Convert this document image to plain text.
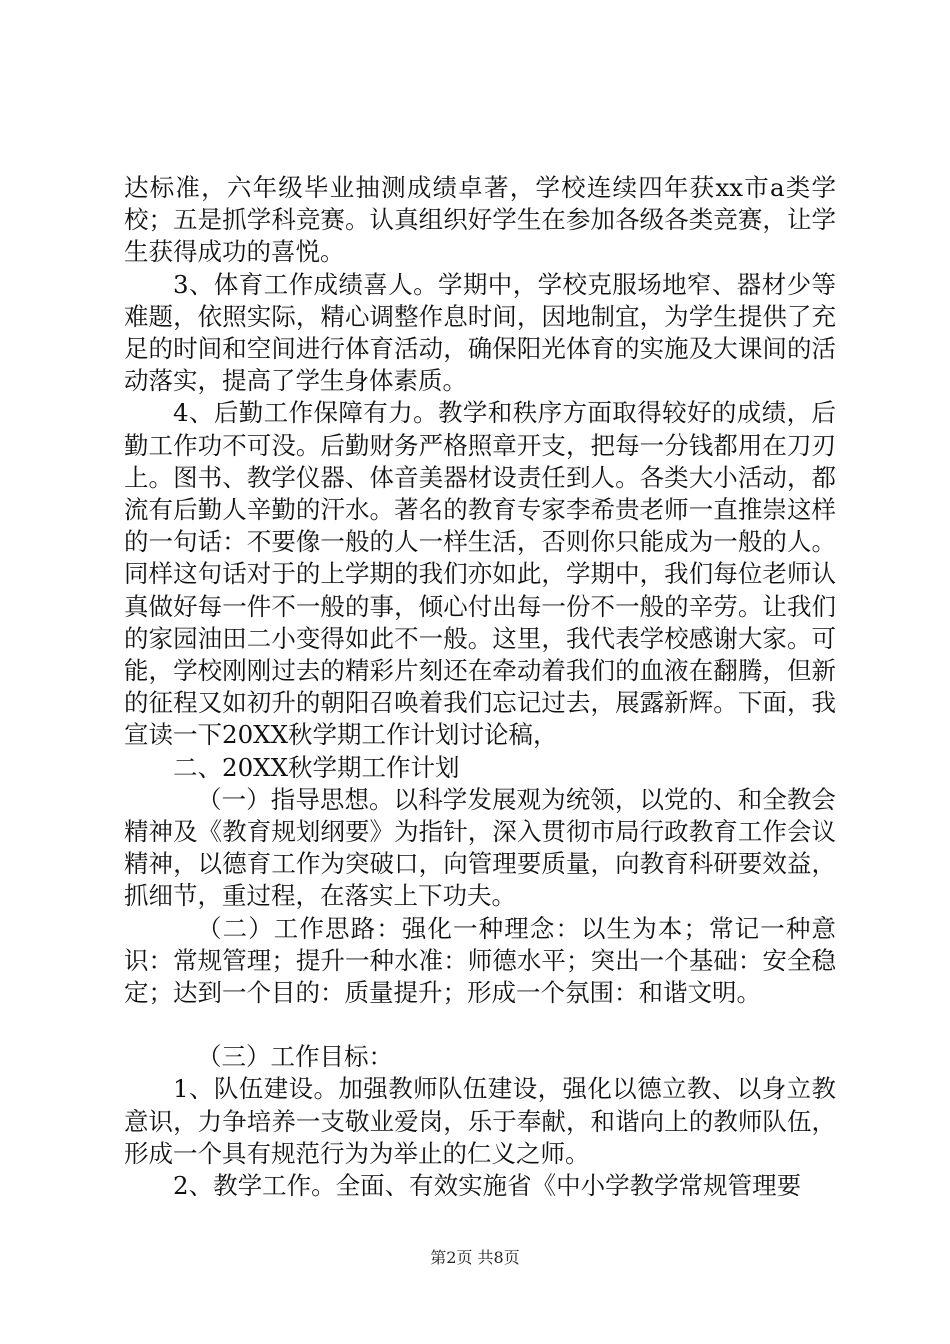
达标准，六年级毕业抽测成绩卓著，学校连续四年获xx市a类学校；五是抓学科竞赛。认真组织好学生在参加各级各类竞赛，让学生获得成功的喜悦。

3、体育工作成绩喜人。学期中，学校克服场地窄、器材少等难题，依照实际，精心调整作息时间，因地制宜，为学生提供了充足的时间和空间进行体育活动，确保阳光体育的实施及大课间的活动落实，提高了学生身体素质。

4、后勤工作保障有力。教学和秩序方面取得较好的成绩，后勤工作功不可没。后勤财务严格照章开支，把每一分钱都用在刀刃上。图书、教学仪器、体音美器材设责任到人。各类大小活动，都流有后勤人辛勤的汗水。著名的教育专家李希贵老师一直推崇这样的一句话：不要像一般的人一样生活，否则你只能成为一般的人。同样这句话对于的上学期的我们亦如此，学期中，我们每位老师认真做好每一件不一般的事，倾心付出每一份不一般的辛劳。让我们的家园油田二小变得如此不一般。这里，我代表学校感谢大家。可能，学校刚刚过去的精彩片刻还在牵动着我们的血液在翻腾，但新的征程又如初升的朝阳召唤着我们忘记过去，展露新辉。下面，我宣读一下20XX秋学期工作计划讨论稿，

二、20XX秋学期工作计划

（一）指导思想。以科学发展观为统领，以党的、和全教会精神及《教育规划纲要》为指针，深入贯彻市局行政教育工作会议精神，以德育工作为突破口，向管理要质量，向教育科研要效益，抓细节，重过程，在落实上下功夫。

（二）工作思路：强化一种理念：以生为本；常记一种意识：常规管理；提升一种水准：师德水平；突出一个基础：安全稳定；达到一个目的：质量提升；形成一个氛围：和谐文明。

（三）工作目标：

1、队伍建设。加强教师队伍建设，强化以德立教、以身立教意识，力争培养一支敬业爱岗，乐于奉献，和谐向上的教师队伍，形成一个具有规范行为为举止的仁义之师。

2、教学工作。全面、有效实施省《中小学教学常规管理要

第2页 共8页
